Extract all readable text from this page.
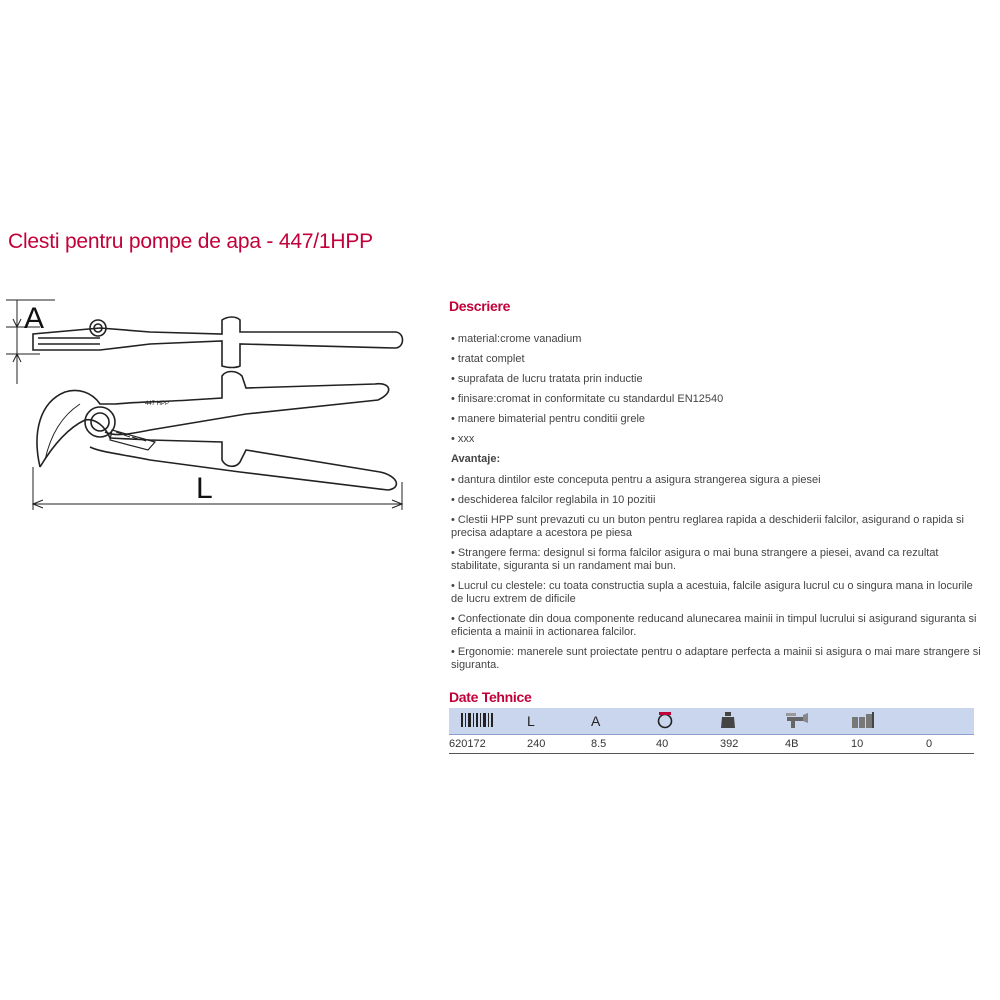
Clesti pentru pompe de apa - 447/1HPP
447 HPP
A
L
Descriere
• material:crome vanadium
• tratat complet
• suprafata de lucru tratata prin inductie
• finisare:cromat in conformitate cu standardul EN12540
• manere bimaterial pentru conditii grele
• xxx
Avantaje:
• dantura dintilor este conceputa pentru a asigura strangerea sigura a piesei
• deschiderea falcilor reglabila in 10 pozitii
• Clestii HPP sunt prevazuti cu un buton pentru reglarea rapida a deschiderii falcilor, asigurand o rapida si precisa adaptare a acestora pe piesa
• Strangere ferma: designul si forma falcilor asigura o mai buna strangere a piesei, avand ca rezultat stabilitate, siguranta si un randament mai bun.
• Lucrul cu clestele: cu toata constructia supla a acestuia, falcile asigura lucrul cu o singura mana in locurile de lucru extrem de dificile
• Confectionate din doua componente reducand alunecarea mainii in timpul lucrului si asigurand siguranta si eficienta a mainii in actionarea falcilor.
• Ergonomie: manerele sunt proiectate pentru o adaptare perfecta a mainii si asigura o mai mare strangere si siguranta.
Date Tehnice
	L	A					
620172	240	8.5	40	392	4B	10	0
